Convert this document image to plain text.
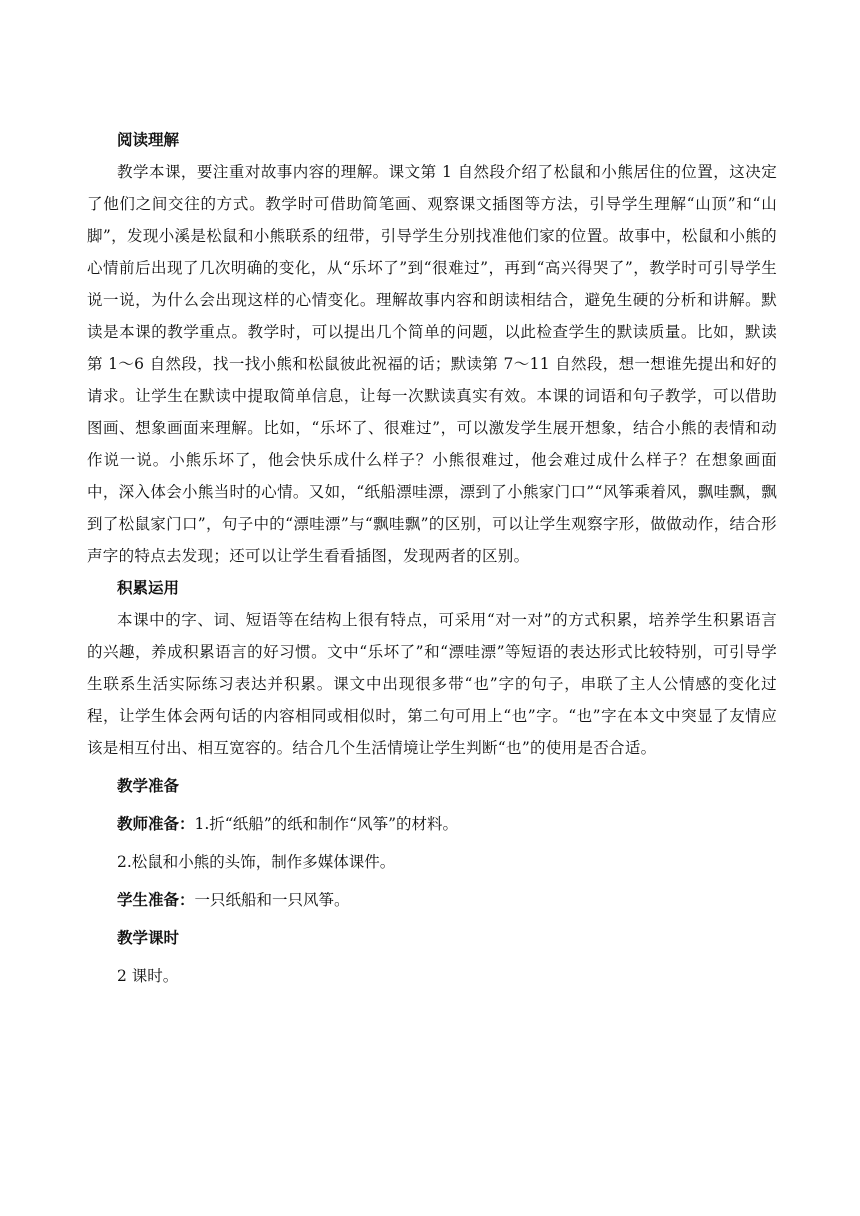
阅读理解

教学本课，要注重对故事内容的理解。课文第 1 自然段介绍了松鼠和小熊居住的位置，这决定了他们之间交往的方式。教学时可借助简笔画、观察课文插图等方法，引导学生理解“山顶”和“山脚”，发现小溪是松鼠和小熊联系的纽带，引导学生分别找准他们家的位置。故事中，松鼠和小熊的心情前后出现了几次明确的变化，从“乐坏了”到“很难过”，再到“高兴得哭了”，教学时可引导学生说一说，为什么会出现这样的心情变化。理解故事内容和朗读相结合，避免生硬的分析和讲解。默读是本课的教学重点。教学时，可以提出几个简单的问题，以此检查学生的默读质量。比如，默读第 1～6 自然段，找一找小熊和松鼠彼此祝福的话；默读第 7～11 自然段，想一想谁先提出和好的请求。让学生在默读中提取简单信息，让每一次默读真实有效。本课的词语和句子教学，可以借助图画、想象画面来理解。比如，“乐坏了、很难过”，可以激发学生展开想象，结合小熊的表情和动作说一说。小熊乐坏了，他会快乐成什么样子？小熊很难过，他会难过成什么样子？在想象画面中，深入体会小熊当时的心情。又如，“纸船漂哇漂，漂到了小熊家门口”“风筝乘着风，飘哇飘，飘到了松鼠家门口”，句子中的“漂哇漂”与“飘哇飘”的区别，可以让学生观察字形，做做动作，结合形声字的特点去发现；还可以让学生看看插图，发现两者的区别。

积累运用

本课中的字、词、短语等在结构上很有特点，可采用“对一对”的方式积累，培养学生积累语言的兴趣，养成积累语言的好习惯。文中“乐坏了”和“漂哇漂”等短语的表达形式比较特别，可引导学生联系生活实际练习表达并积累。课文中出现很多带“也”字的句子，串联了主人公情感的变化过程，让学生体会两句话的内容相同或相似时，第二句可用上“也”字。“也”字在本文中突显了友情应该是相互付出、相互宽容的。结合几个生活情境让学生判断“也”的使用是否合适。

教学准备

教师准备：1.折“纸船”的纸和制作“风筝”的材料。

2.松鼠和小熊的头饰，制作多媒体课件。

学生准备：一只纸船和一只风筝。

教学课时

2 课时。
